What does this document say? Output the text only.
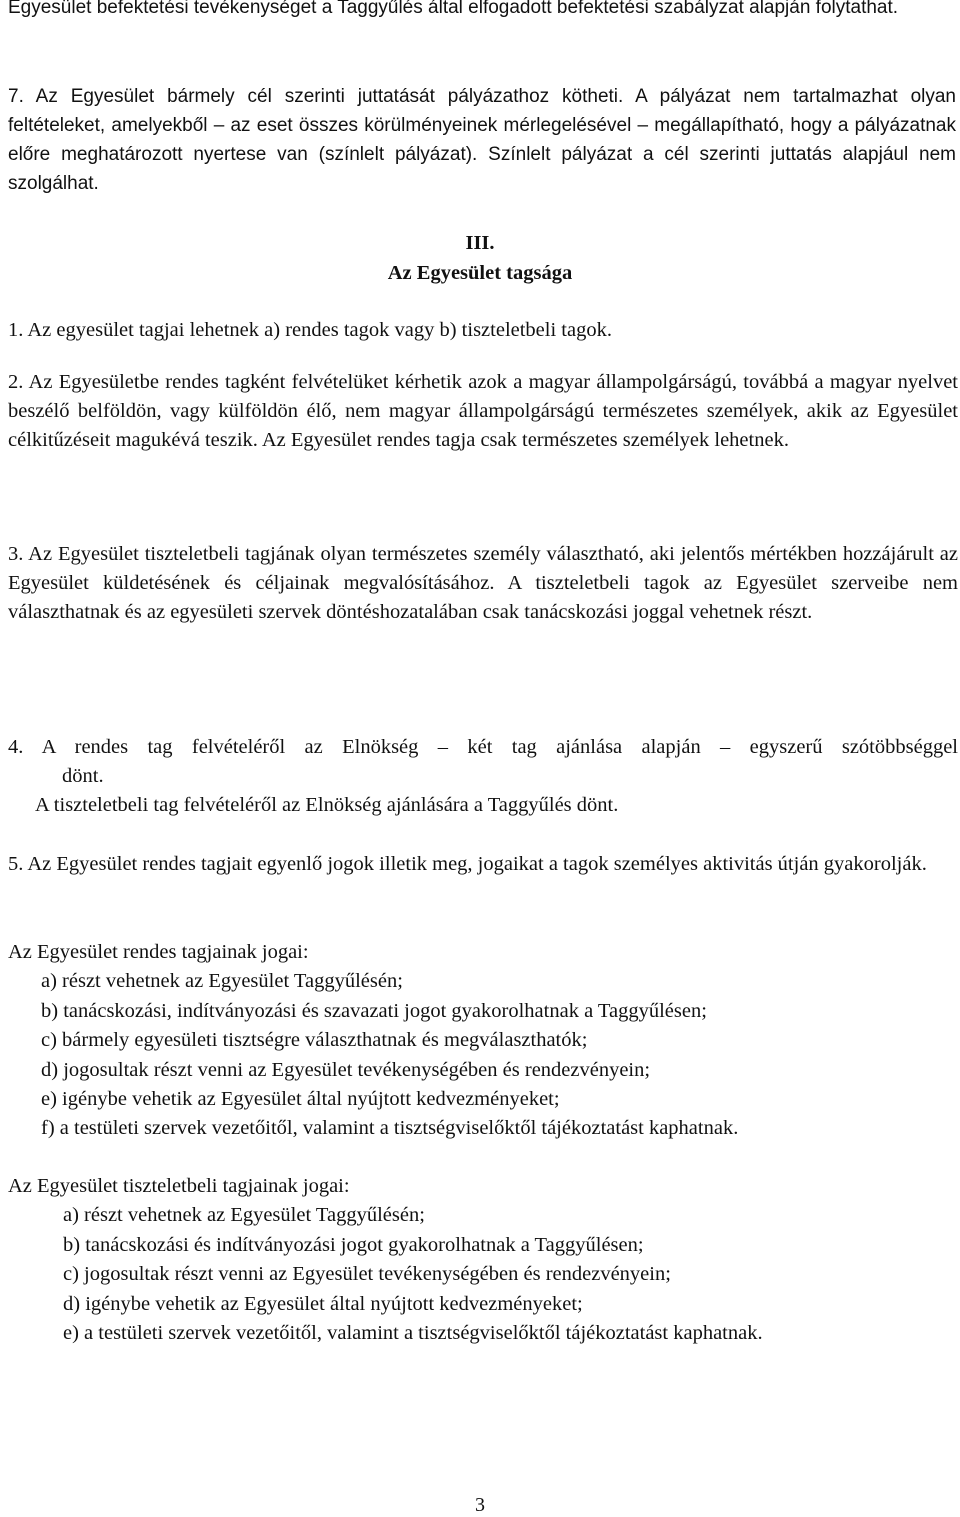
Egyesület befektetési tevékenységet a Taggyűlés által elfogadott befektetési szabályzat alapján folytathat.

7. Az Egyesület bármely cél szerinti juttatását pályázathoz kötheti. A pályázat nem tartalmazhat olyan feltételeket, amelyekből – az eset összes körülményeinek mérlegelésével – megállapítható, hogy a pályázatnak előre meghatározott nyertese van (színlelt pályázat). Színlelt pályázat a cél szerinti juttatás alapjául nem szolgálhat.

III.
Az Egyesület tagsága

1. Az egyesület tagjai lehetnek a) rendes tagok vagy b) tiszteletbeli tagok.

2. Az Egyesületbe rendes tagként felvételüket kérhetik azok a magyar állampolgárságú, továbbá a magyar nyelvet beszélő belföldön, vagy külföldön élő, nem magyar állampolgárságú természetes személyek, akik az Egyesület célkitűzéseit magukévá teszik. Az Egyesület rendes tagja csak természetes személyek lehetnek.

3. Az Egyesület tiszteletbeli tagjának olyan természetes személy választható, aki jelentős mértékben hozzájárult az Egyesület küldetésének és céljainak megvalósításához. A tiszteletbeli tagok az Egyesület szerveibe nem választhatnak és az egyesületi szervek döntéshozatalában csak tanácskozási joggal vehetnek részt.

4. A rendes tag felvételéről az Elnökség – két tag ajánlása alapján – egyszerű szótöbbséggel

dönt.

A tiszteletbeli tag felvételéről az Elnökség ajánlására a Taggyűlés dönt.

5. Az Egyesület rendes tagjait egyenlő jogok illetik meg, jogaikat a tagok személyes aktivitás útján gyakorolják.

Az Egyesület rendes tagjainak jogai:
a) részt vehetnek az Egyesület Taggyűlésén;
b) tanácskozási, indítványozási és szavazati jogot gyakorolhatnak a Taggyűlésen;
c) bármely egyesületi tisztségre választhatnak és megválaszthatók;
d) jogosultak részt venni az Egyesület tevékenységében és rendezvényein;
e) igénybe vehetik az Egyesület által nyújtott kedvezményeket;
f) a testületi szervek vezetőitől, valamint a tisztségviselőktől tájékoztatást kaphatnak.
Az Egyesület tiszteletbeli tagjainak jogai:
a) részt vehetnek az Egyesület Taggyűlésén;
b) tanácskozási és indítványozási jogot gyakorolhatnak a Taggyűlésen;
c) jogosultak részt venni az Egyesület tevékenységében és rendezvényein;
d) igénybe vehetik az Egyesület által nyújtott kedvezményeket;
e) a testületi szervek vezetőitől, valamint a tisztségviselőktől tájékoztatást kaphatnak.
3
